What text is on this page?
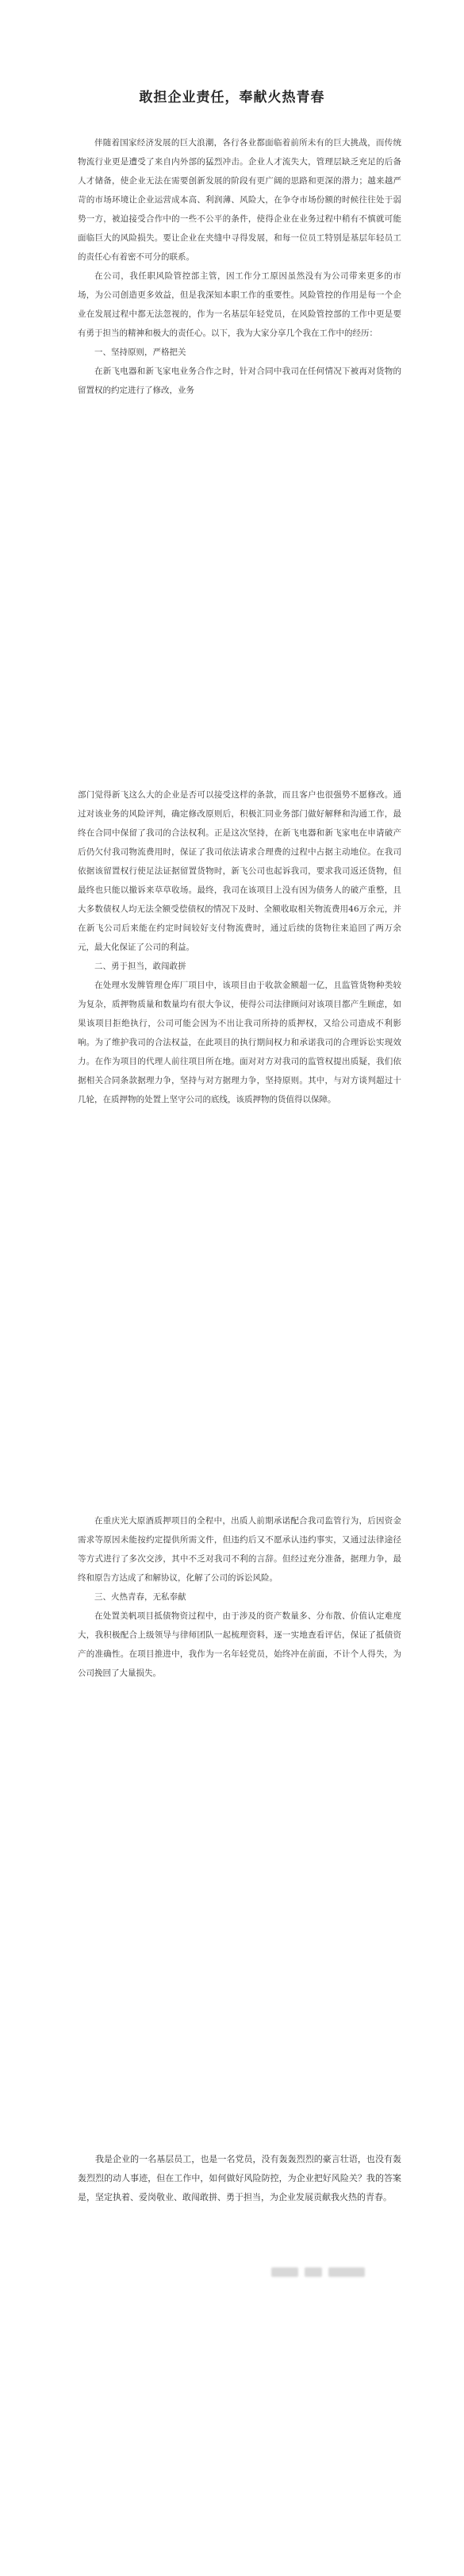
敢担企业责任，奉献火热青春

伴随着国家经济发展的巨大浪潮，各行各业都面临着前所未有的巨大挑战，而传统物流行业更是遭受了来自内外部的猛烈冲击。企业人才流失大，管理层缺乏充足的后备人才储备，使企业无法在需要创新发展的阶段有更广阔的思路和更深的潜力；越来越严苛的市场环境让企业运营成本高、利润薄、风险大，在争夺市场份额的时候往往处于弱势一方，被迫接受合作中的一些不公平的条件，使得企业在业务过程中稍有不慎就可能面临巨大的风险损失。要让企业在夹缝中寻得发展，和每一位员工特别是基层年轻员工的责任心有着密不可分的联系。

在公司，我任职风险管控部主管，因工作分工原因虽然没有为公司带来更多的市场，为公司创造更多效益，但是我深知本职工作的重要性。风险管控的作用是每一个企业在发展过程中都无法忽视的，作为一名基层年轻党员，在风险管控部的工作中更是要有勇于担当的精神和极大的责任心。以下，我为大家分享几个我在工作中的经历：

一、坚持原则，严格把关

在新飞电器和新飞家电业务合作之时，针对合同中我司在任何情况下被再对货物的留置权的约定进行了修改，业务

部门觉得新飞这么大的企业是否可以接受这样的条款，而且客户也很强势不愿修改。通过对该业务的风险评判，确定修改原则后，积极汇同业务部门做好解释和沟通工作，最终在合同中保留了我司的合法权利。正是这次坚持，在新飞电器和新飞家电在申请破产后仍欠付我司物流费用时，保证了我司依法请求合理费的过程中占据主动地位。在我司依据该留置权行使足法证据留置货物时，新飞公司也起诉我司，要求我司返还货物，但最终也只能以撤诉来草草收场。最终，我司在该项目上没有因为债务人的破产重整，且大多数债权人均无法全额受偿债权的情况下及时、全额收取相关物流费用46万余元，并在新飞公司后来能在约定时间较好支付物流费时，通过后续的货物往来追回了两万余元，最大化保证了公司的利益。

二、勇于担当，敢闯敢拼

在处理水发牌管理仓库厂项目中，该项目由于收款金额超一亿，且监管货物种类较为复杂，质押物质量和数量均有很大争议，使得公司法律顾问对该项目都产生顾虑，如果该项目拒绝执行，公司可能会因为不出让我司所持的质押权，又给公司造成不利影响。为了维护我司的合法权益，在此项目的执行期间权力和承诺我司的合理诉讼实现效力。在作为项目的代理人前往项目所在地。面对对方对我司的监管权提出质疑，我们依据相关合同条款据理力争，坚持与对方据理力争，坚持原则。其中，与对方谈判超过十几轮，在质押物的处置上坚守公司的底线，该质押物的货值得以保障。

在重庆光大原酒质押项目的全程中，出质人前期承诺配合我司监管行为，后因资金需求等原因未能按约定提供所需文件，但违约后又不愿承认违约事实，又通过法律途径等方式进行了多次交涉，其中不乏对我司不利的言辞。但经过充分准备，据理力争，最终和原告方达成了和解协议，化解了公司的诉讼风险。

三、火热青春，无私奉献

在处置美帆项目抵债物资过程中，由于涉及的资产数量多、分布散、价值认定难度大，我积极配合上级领导与律师团队一起梳理资料，逐一实地查看评估，保证了抵债资产的准确性。在项目推进中，我作为一名年轻党员，始终冲在前面，不计个人得失，为公司挽回了大量损失。

我是企业的一名基层员工，也是一名党员，没有轰轰烈烈的豪言壮语，也没有轰轰烈烈的动人事迹，但在工作中，如何做好风险防控，为企业把好风险关？我的答案是，坚定执着、爱岗敬业、敢闯敢拼、勇于担当，为企业发展贡献我火热的青春。
